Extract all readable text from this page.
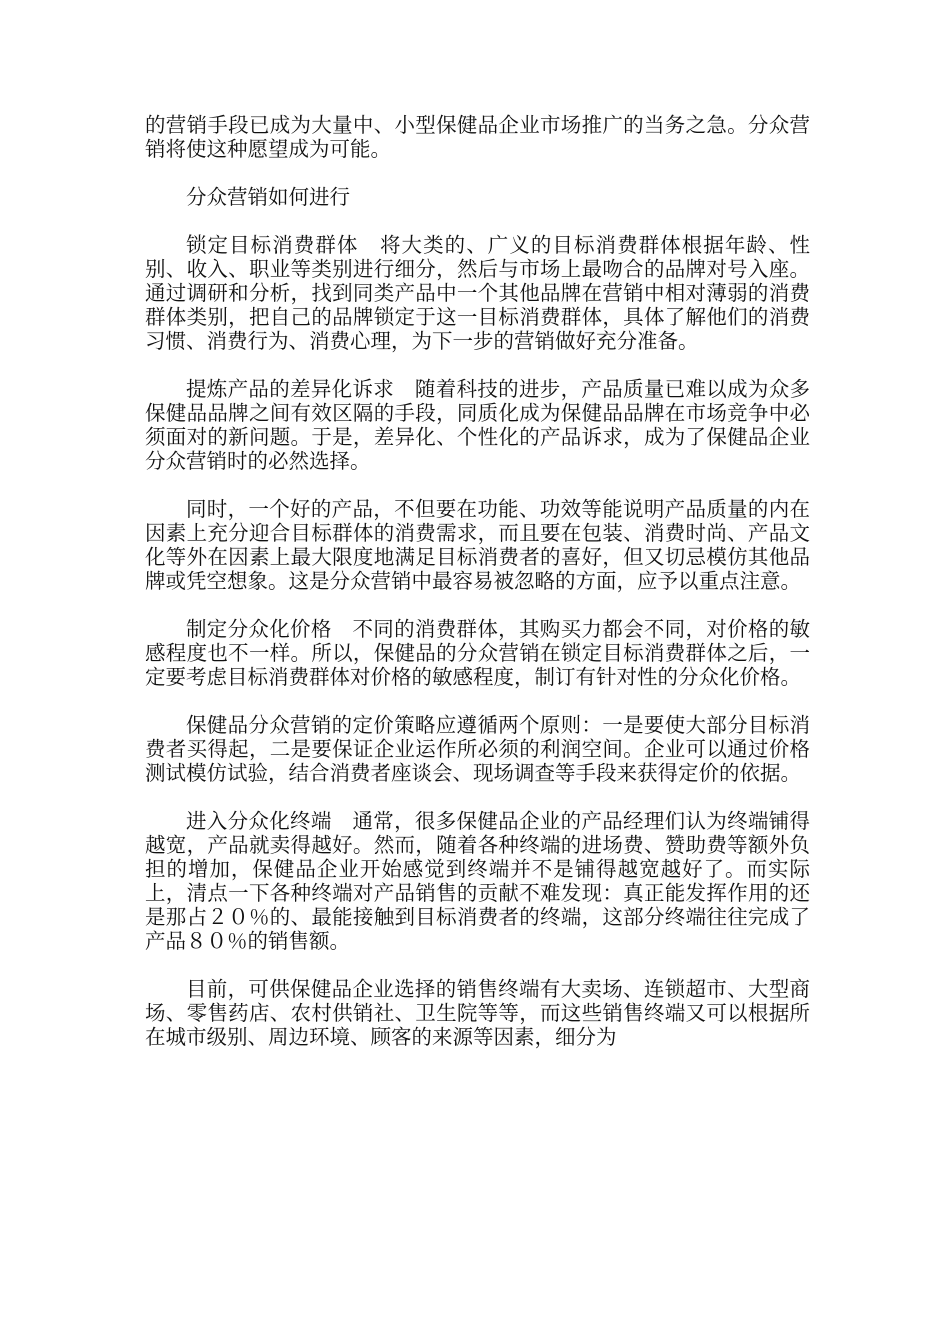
的营销手段已成为大量中、小型保健品企业市场推广的当务之急。分众营销将使这种愿望成为可能。

分众营销如何进行

锁定目标消费群体　将大类的、广义的目标消费群体根据年龄、性别、收入、职业等类别进行细分，然后与市场上最吻合的品牌对号入座。通过调研和分析，找到同类产品中一个其他品牌在营销中相对薄弱的消费群体类别，把自己的品牌锁定于这一目标消费群体，具体了解他们的消费习惯、消费行为、消费心理，为下一步的营销做好充分准备。

提炼产品的差异化诉求　随着科技的进步，产品质量已难以成为众多保健品品牌之间有效区隔的手段，同质化成为保健品品牌在市场竞争中必须面对的新问题。于是，差异化、个性化的产品诉求，成为了保健品企业分众营销时的必然选择。

同时，一个好的产品，不但要在功能、功效等能说明产品质量的内在因素上充分迎合目标群体的消费需求，而且要在包装、消费时尚、产品文化等外在因素上最大限度地满足目标消费者的喜好，但又切忌模仿其他品牌或凭空想象。这是分众营销中最容易被忽略的方面，应予以重点注意。

制定分众化价格　不同的消费群体，其购买力都会不同，对价格的敏感程度也不一样。所以，保健品的分众营销在锁定目标消费群体之后，一定要考虑目标消费群体对价格的敏感程度，制订有针对性的分众化价格。

保健品分众营销的定价策略应遵循两个原则：一是要使大部分目标消费者买得起，二是要保证企业运作所必须的利润空间。企业可以通过价格测试模仿试验，结合消费者座谈会、现场调查等手段来获得定价的依据。

进入分众化终端　通常，很多保健品企业的产品经理们认为终端铺得越宽，产品就卖得越好。然而，随着各种终端的进场费、赞助费等额外负担的增加，保健品企业开始感觉到终端并不是铺得越宽越好了。而实际上，清点一下各种终端对产品销售的贡献不难发现：真正能发挥作用的还是那占２０％的、最能接触到目标消费者的终端，这部分终端往往完成了产品８０％的销售额。

目前，可供保健品企业选择的销售终端有大卖场、连锁超市、大型商场、零售药店、农村供销社、卫生院等等，而这些销售终端又可以根据所在城市级别、周边环境、顾客的来源等因素，细分为
